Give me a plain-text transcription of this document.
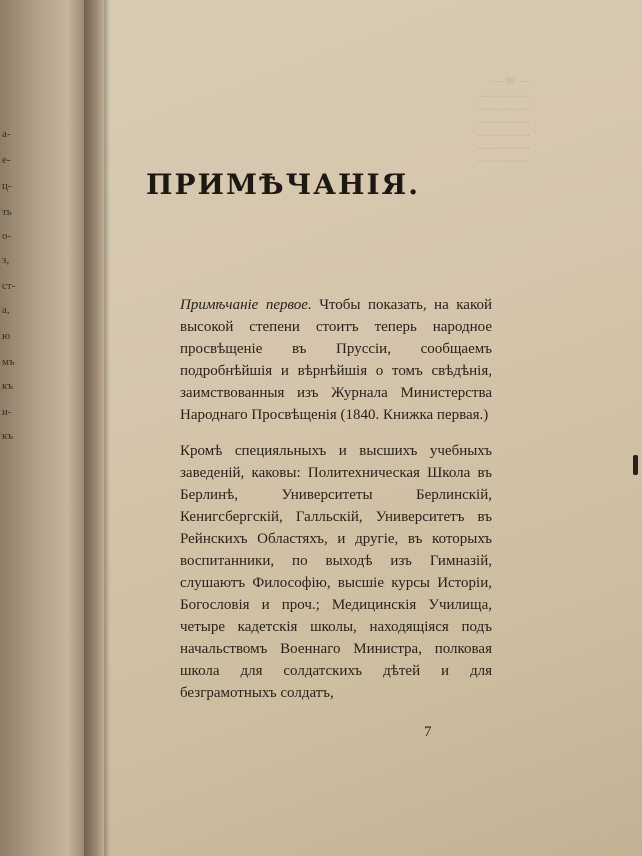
а-
е-
ц-
ть
о-
з,
ст-
а,
ю
мъ
къ
и-
къ
— 98 —
...................
...................
...................
...................
...................
...................
ПРИМѢЧАНІЯ.

Примѣчаніе первое. Чтобы показать, на какой высокой степени стоитъ теперь народное просвѣщеніе въ Пруссіи, сообщаемъ подробнѣйшія и вѣрнѣйшія о томъ свѣдѣнія, заимствованныя изъ Журнала Министерства Народнаго Просвѣщенія (1840. Книжка первая.)

Кромѣ специяльныхъ и высшихъ учебныхъ заведеній, каковы: Политехническая Школа въ Берлинѣ, Университеты Берлинскій, Кенигсбергскій, Галльскій, Университетъ въ Рейнскихъ Областяхъ, и другіе, въ которыхъ воспитанники, по выходѣ изъ Гимназій, слушаютъ Философію, высшіе курсы Исторіи, Богословія и проч.; Медицинскія Училища, четыре кадетскія школы, находящіяся подъ начальствомъ Военнаго Министра, полковая школа для солдатскихъ дѣтей и для безграмотныхъ солдатъ,

7
